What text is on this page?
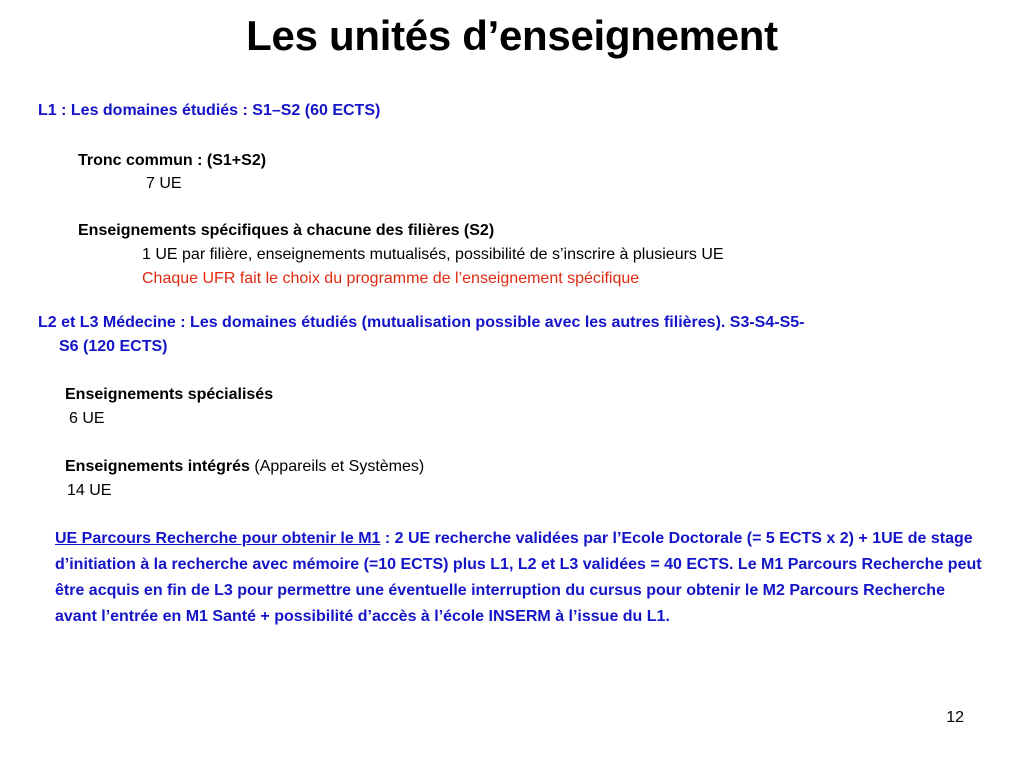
Les unités d’enseignement
L1 : Les domaines étudiés : S1–S2 (60 ECTS)
Tronc commun : (S1+S2)
7 UE
Enseignements spécifiques à chacune des filières (S2)
1 UE par filière, enseignements mutualisés, possibilité de s’inscrire à plusieurs UE
Chaque UFR fait le choix du programme de l’enseignement spécifique
L2 et L3 Médecine : Les domaines étudiés (mutualisation possible avec les autres filières). S3-S4-S5-
S6 (120 ECTS)
Enseignements spécialisés
6 UE
Enseignements intégrés (Appareils et Systèmes)
14 UE
UE Parcours Recherche pour obtenir le M1 : 2 UE recherche validées par l’Ecole Doctorale (= 5 ECTS x 2) + 1UE de stage d’initiation à la recherche avec mémoire (=10 ECTS) plus L1, L2 et L3 validées = 40 ECTS. Le M1 Parcours Recherche peut être acquis en fin de L3 pour permettre une éventuelle interruption du cursus pour obtenir le M2 Parcours Recherche avant l’entrée en M1 Santé + possibilité d’accès à l’école INSERM à l’issue du L1.
12
